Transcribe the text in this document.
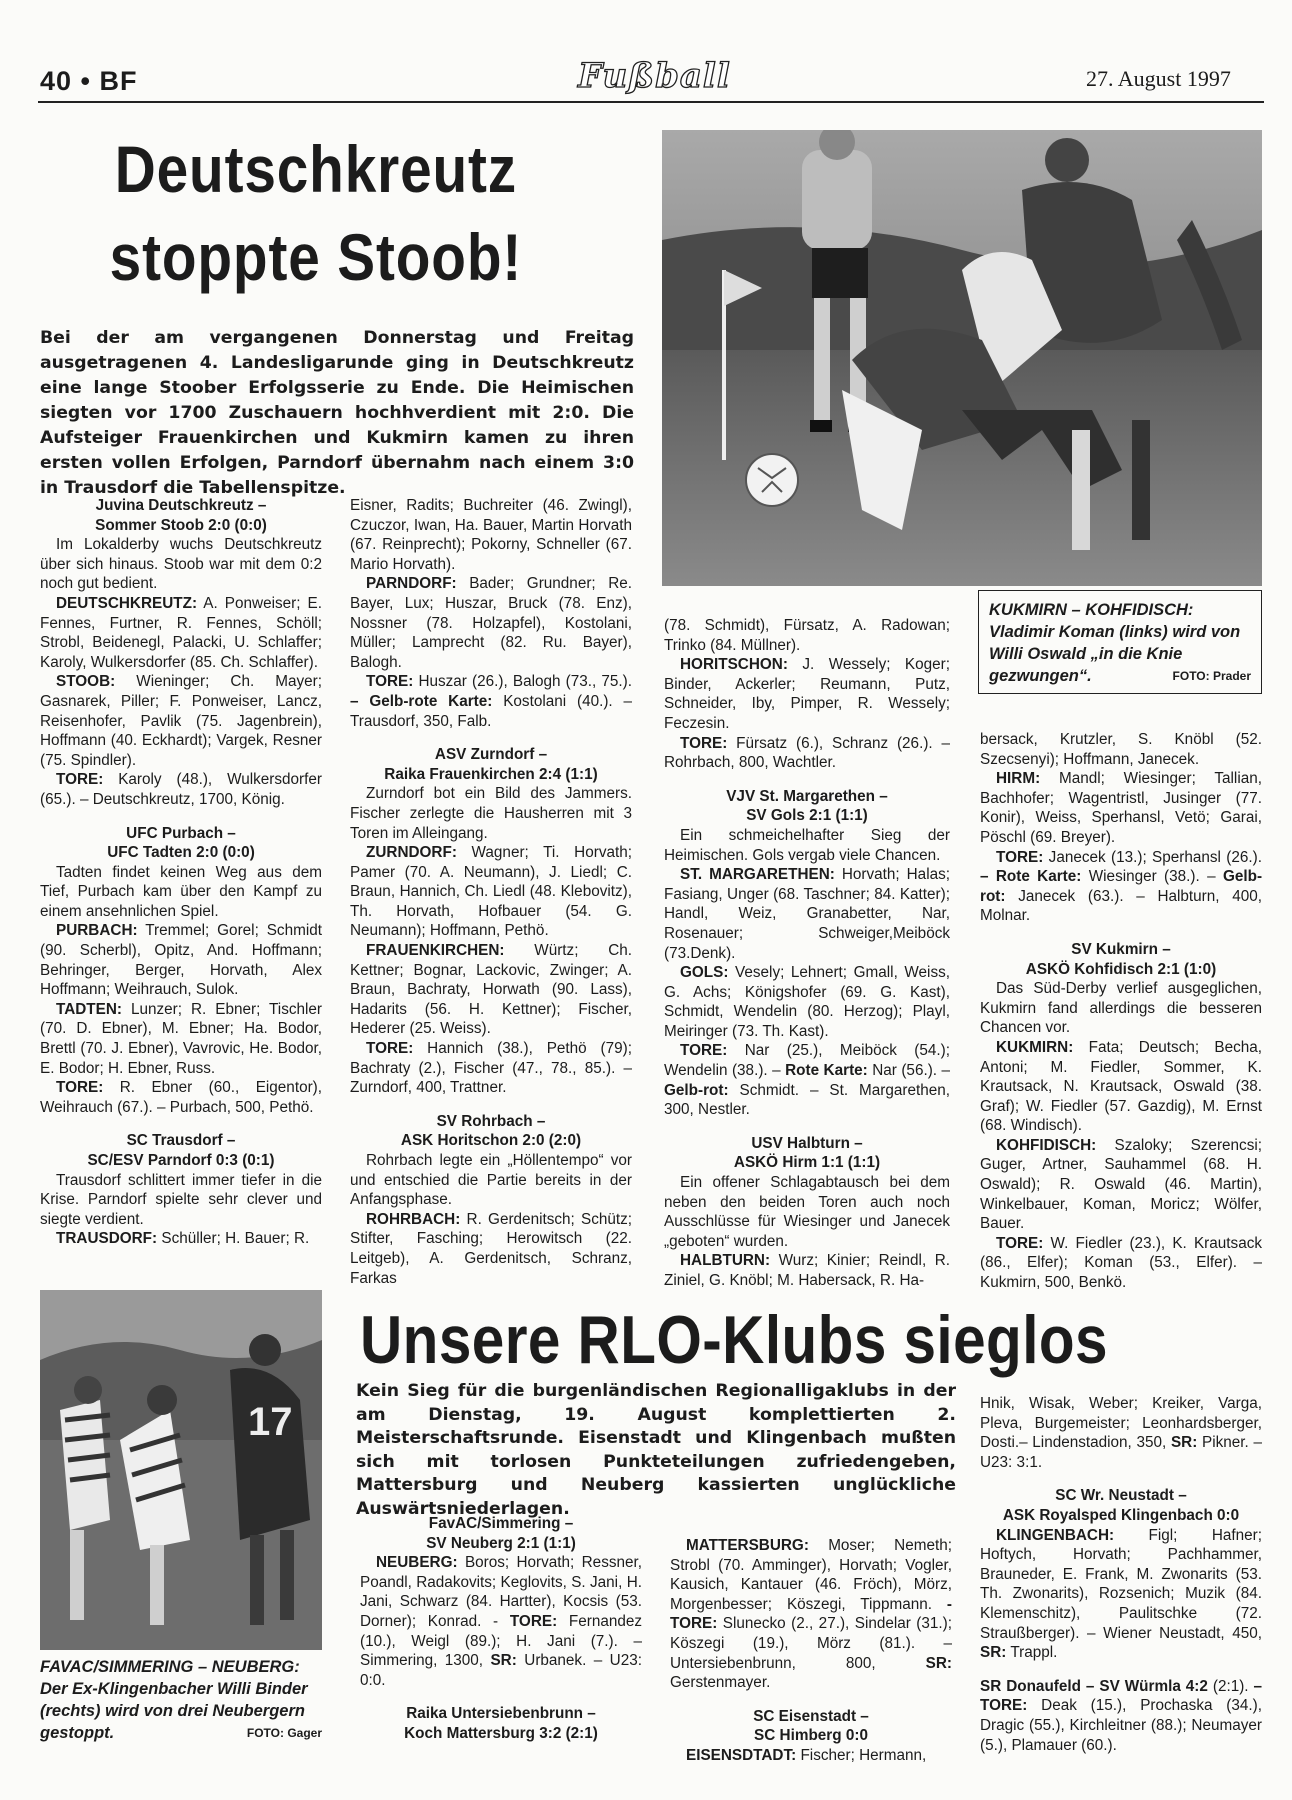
40 • BF	Fußball	27. August 1997
Deutschkreutz
stoppte Stoob!
Bei der am vergangenen Donnerstag und Freitag ausgetragenen 4. Landesligarunde ging in Deutschkreutz eine lange Stoober Erfolgsserie zu Ende. Die Heimischen siegten vor 1700 Zuschauern hochhverdient mit 2:0. Die Aufsteiger Frauenkirchen und Kukmirn kamen zu ihren ersten vollen Erfolgen, Parndorf übernahm nach einem 3:0 in Trausdorf die Tabellenspitze.
KUKMIRN – KOHFIDISCH: Vladimir Koman (links) wird von Willi Oswald „in die Knie gezwungen“.	FOTO: Prader

Juvina Deutschkreutz –

Sommer Stoob 2:0 (0:0)

Im Lokalderby wuchs Deutschkreutz über sich hinaus. Stoob war mit dem 0:2 noch gut bedient.

DEUTSCHKREUTZ: A. Ponweiser; E. Fennes, Furtner, R. Fennes, Schöll; Strobl, Beidenegl, Palacki, U. Schlaffer; Karoly, Wulkersdorfer (85. Ch. Schlaffer).

STOOB: Wieninger; Ch. Mayer; Gasnarek, Piller; F. Ponweiser, Lancz, Reisenhofer, Pavlik (75. Jagenbrein), Hoffmann (40. Eckhardt); Vargek, Resner (75. Spindler).

TORE: Karoly (48.), Wulkersdorfer (65.). – Deutschkreutz, 1700, König.

UFC Purbach –

UFC Tadten 2:0 (0:0)

Tadten findet keinen Weg aus dem Tief, Purbach kam über den Kampf zu einem ansehnlichen Spiel.

PURBACH: Tremmel; Gorel; Schmidt (90. Scherbl), Opitz, And. Hoffmann; Behringer, Berger, Horvath, Alex Hoffmann; Weihrauch, Sulok.

TADTEN: Lunzer; R. Ebner; Tischler (70. D. Ebner), M. Ebner; Ha. Bodor, Brettl (70. J. Ebner), Vavrovic, He. Bodor, E. Bodor; H. Ebner, Russ.

TORE: R. Ebner (60., Eigentor), Weihrauch (67.). – Purbach, 500, Pethö.

SC Trausdorf –

SC/ESV Parndorf 0:3 (0:1)

Trausdorf schlittert immer tiefer in die Krise. Parndorf spielte sehr clever und siegte verdient.

TRAUSDORF: Schüller; H. Bauer; R.

Eisner, Radits; Buchreiter (46. Zwingl), Czuczor, Iwan, Ha. Bauer, Martin Horvath (67. Reinprecht); Pokorny, Schneller (67. Mario Horvath).

PARNDORF: Bader; Grundner; Re. Bayer, Lux; Huszar, Bruck (78. Enz), Nossner (78. Holzapfel), Kostolani, Müller; Lamprecht (82. Ru. Bayer), Balogh.

TORE: Huszar (26.), Balogh (73., 75.). – Gelb-rote Karte: Kostolani (40.). – Trausdorf, 350, Falb.

ASV Zurndorf –

Raika Frauenkirchen 2:4 (1:1)

Zurndorf bot ein Bild des Jammers. Fischer zerlegte die Hausherren mit 3 Toren im Alleingang.

ZURNDORF: Wagner; Ti. Horvath; Pamer (70. A. Neumann), J. Liedl; C. Braun, Hannich, Ch. Liedl (48. Klebovitz), Th. Horvath, Hofbauer (54. G. Neumann); Hoffmann, Pethö.

FRAUENKIRCHEN: Würtz; Ch. Kettner; Bognar, Lackovic, Zwinger; A. Braun, Bachraty, Horwath (90. Lass), Hadarits (56. H. Kettner); Fischer, Hederer (25. Weiss).

TORE: Hannich (38.), Pethö (79); Bachraty (2.), Fischer (47., 78., 85.). – Zurndorf, 400, Trattner.

SV Rohrbach –

ASK Horitschon 2:0 (2:0)

Rohrbach legte ein „Höllentempo“ vor und entschied die Partie bereits in der Anfangsphase.

ROHRBACH: R. Gerdenitsch; Schütz; Stifter, Fasching; Herowitsch (22. Leitgeb), A. Gerdenitsch, Schranz, Farkas

(78. Schmidt), Fürsatz, A. Radowan; Trinko (84. Müllner).

HORITSCHON: J. Wessely; Koger; Binder, Ackerler; Reumann, Putz, Schneider, Iby, Pimper, R. Wessely; Feczesin.

TORE: Fürsatz (6.), Schranz (26.). – Rohrbach, 800, Wachtler.

VJV St. Margarethen –

SV Gols 2:1 (1:1)

Ein schmeichelhafter Sieg der Heimischen. Gols vergab viele Chancen.

ST. MARGARETHEN: Horvath; Halas; Fasiang, Unger (68. Taschner; 84. Katter); Handl, Weiz, Granabetter, Nar, Rosenauer; Schweiger,Meiböck (73.Denk).

GOLS: Vesely; Lehnert; Gmall, Weiss, G. Achs; Königshofer (69. G. Kast), Schmidt, Wendelin (80. Herzog); Playl, Meiringer (73. Th. Kast).

TORE: Nar (25.), Meiböck (54.); Wendelin (38.). – Rote Karte: Nar (56.). – Gelb-rot: Schmidt. – St. Margarethen, 300, Nestler.

USV Halbturn –

ASKÖ Hirm 1:1 (1:1)

Ein offener Schlagabtausch bei dem neben den beiden Toren auch noch Ausschlüsse für Wiesinger und Janecek „geboten“ wurden.

HALBTURN: Wurz; Kinier; Reindl, R. Ziniel, G. Knöbl; M. Habersack, R. Ha-

bersack, Krutzler, S. Knöbl (52. Szecsenyi); Hoffmann, Janecek.

HIRM: Mandl; Wiesinger; Tallian, Bachhofer; Wagentristl, Jusinger (77. Konir), Weiss, Sperhansl, Vetö; Garai, Pöschl (69. Breyer).

TORE: Janecek (13.); Sperhansl (26.). – Rote Karte: Wiesinger (38.). – Gelb-rot: Janecek (63.). – Halbturn, 400, Molnar.

SV Kukmirn –

ASKÖ Kohfidisch 2:1 (1:0)

Das Süd-Derby verlief ausgeglichen, Kukmirn fand allerdings die besseren Chancen vor.

KUKMIRN: Fata; Deutsch; Becha, Antoni; M. Fiedler, Sommer, K. Krautsack, N. Krautsack, Oswald (38. Graf); W. Fiedler (57. Gazdig), M. Ernst (68. Windisch).

KOHFIDISCH: Szaloky; Szerencsi; Guger, Artner, Sauhammel (68. H. Oswald); R. Oswald (46. Martin), Winkelbauer, Koman, Moricz; Wölfer, Bauer.

TORE: W. Fiedler (23.), K. Krautsack (86., Elfer); Koman (53., Elfer). – Kukmirn, 500, Benkö.

17
FAVAC/SIMMERING – NEUBERG: Der Ex-Klingenbacher Willi Binder (rechts) wird von drei Neubergern gestoppt.	FOTO: Gager
Unsere RLO-Klubs sieglos
Kein Sieg für die burgenländischen Regionalligaklubs in der am Dienstag, 19. August komplettierten 2. Meisterschaftsrunde. Eisenstadt und Klingenbach mußten sich mit torlosen Punkteteilungen zufriedengeben, Mattersburg und Neuberg kassierten unglückliche Auswärtsniederlagen.

FavAC/Simmering –

SV Neuberg 2:1 (1:1)

NEUBERG: Boros; Horvath; Ressner, Poandl, Radakovits; Keglovits, S. Jani, H. Jani, Schwarz (84. Hartter), Kocsis (53. Dorner); Konrad. - TORE: Fernandez (10.), Weigl (89.); H. Jani (7.). – Simmering, 1300, SR: Urbanek. – U23: 0:0.

Raika Untersiebenbrunn –

Koch Mattersburg 3:2 (2:1)

MATTERSBURG: Moser; Nemeth; Strobl (70. Amminger), Horvath; Vogler, Kausich, Kantauer (46. Fröch), Mörz, Morgenbesser; Köszegi, Tippmann. -TORE: Slunecko (2., 27.), Sindelar (31.); Köszegi (19.), Mörz (81.). – Untersiebenbrunn, 800,	SR: Gerstenmayer.

SC Eisenstadt –

SC Himberg 0:0

EISENSDTADT: Fischer; Hermann,

Hnik, Wisak, Weber; Kreiker, Varga, Pleva, Burgemeister; Leonhardsberger, Dosti.– Lindenstadion, 350, SR: Pikner. – U23: 3:1.

SC Wr. Neustadt –

ASK Royalsped Klingenbach 0:0

KLINGENBACH: Figl; Hafner; Hoftych, Horvath; Pachhammer, Brauneder, E. Frank, M. Zwonarits (53. Th. Zwonarits), Rozsenich; Muzik (84. Klemenschitz), Paulitschke (72. Straußberger). – Wiener Neustadt, 450, SR: Trappl.

SR Donaufeld – SV Würmla 4:2 (2:1). – TORE: Deak (15.), Prochaska (34.), Dragic (55.), Kirchleitner (88.); Neumayer (5.), Plamauer (60.).
